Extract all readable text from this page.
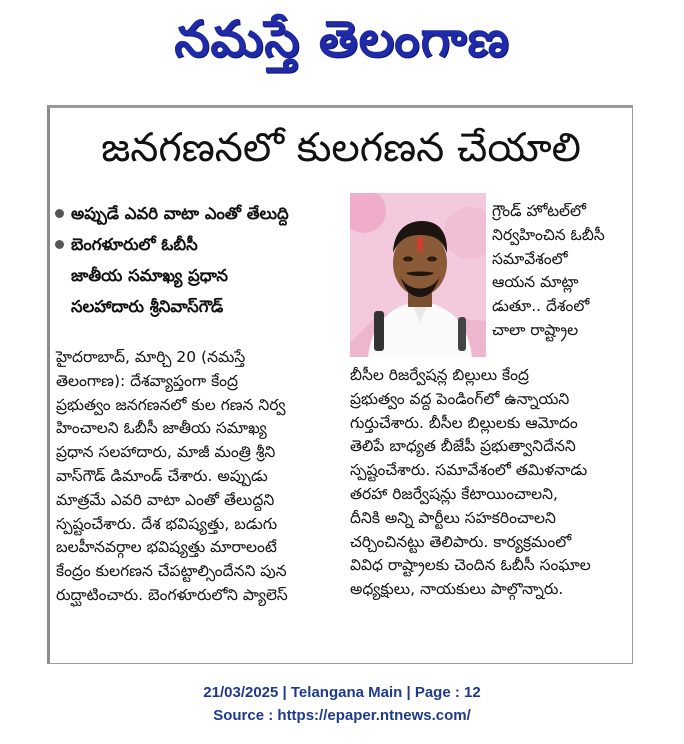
నమస్తే తెలంగాణ
జనగణనలో కులగణన చేయాలి
అప్పుడే ఎవరి వాటా ఎంతో తేలుద్ది
బెంగళూరులో ఓబీసీ
జాతీయ సమాఖ్య ప్రధాన
సలహాదారు శ్రీనివాస్‌గౌడ్
హైదరాబాద్, మార్చి 20 (నమస్తే
తెలంగాణ): దేశవ్యాప్తంగా కేంద్ర
ప్రభుత్వం జనగణనలో కుల గణన నిర్వ
హించాలని ఓబీసీ జాతీయ సమాఖ్య
ప్రధాన సలహాదారు, మాజీ మంత్రి శ్రీని
వాస్‌గౌడ్ డిమాండ్ చేశారు. అప్పుడు
మాత్రమే ఎవరి వాటా ఎంతో తేలుద్దని
స్పష్టంచేశారు. దేశ భవిష్యత్తు, బడుగు
బలహీనవర్గాల భవిష్యత్తు మారాలంటే
కేంద్రం కులగణన చేపట్టాల్సిందేనని పున
రుద్ఘాటించారు. బెంగళూరులోని ప్యాలెస్
గ్రౌండ్ హోటల్‌లో
నిర్వహించిన ఓబీసీ
సమావేశంలో
ఆయన మాట్లా
డుతూ.. దేశంలో
చాలా రాష్ట్రాల
బీసీల రిజర్వేషన్ల బిల్లులు కేంద్ర
ప్రభుత్వం వద్ద పెండింగ్‌లో ఉన్నాయని
గుర్తుచేశారు. బీసీల బిల్లులకు ఆమోదం
తెలిపే బాధ్యత బీజేపీ ప్రభుత్వానిదేనని
స్పష్టంచేశారు. సమావేశంలో తమిళనాడు
తరహా రిజర్వేషన్లు కేటాయించాలని,
దీనికి అన్ని పార్టీలు సహకరించాలని
చర్చించినట్టు తెలిపారు. కార్యక్రమంలో
వివిధ రాష్ట్రాలకు చెందిన ఓబీసీ సంఘాల
అధ్యక్షులు, నాయకులు పాల్గొన్నారు.
21/03/2025 | Telangana Main | Page : 12
Source : https://epaper.ntnews.com/
